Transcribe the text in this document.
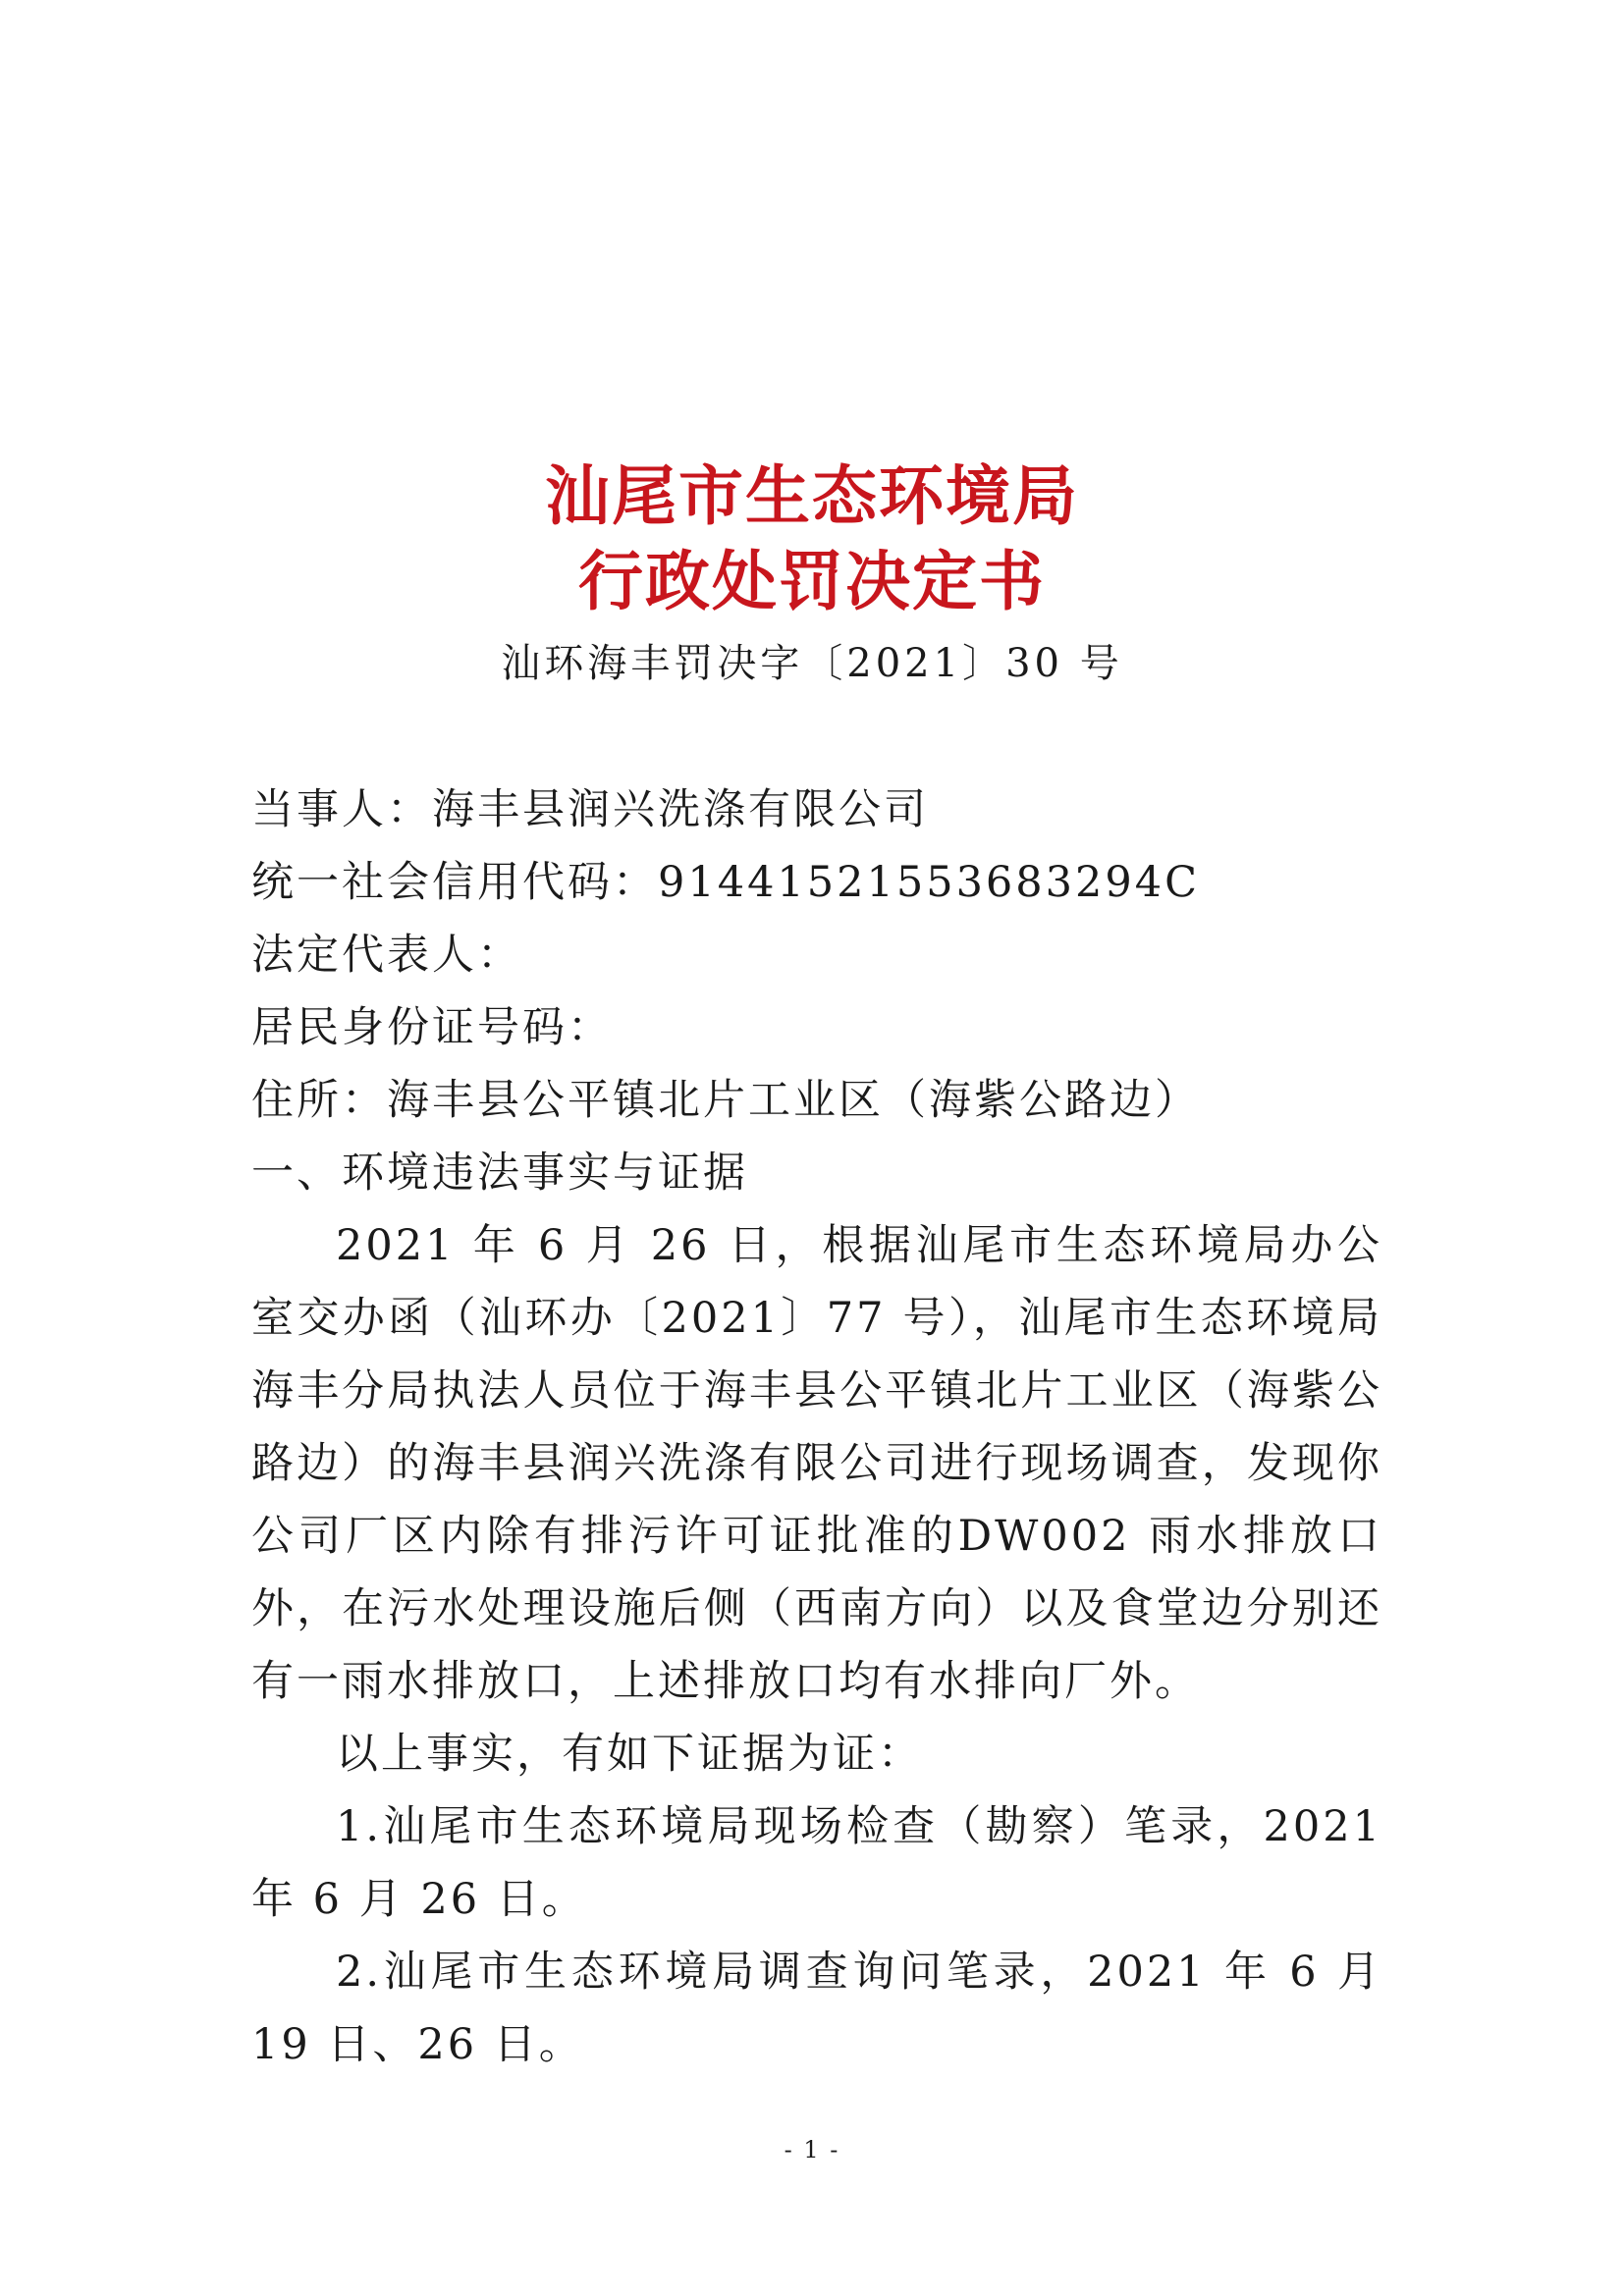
汕尾市生态环境局
行政处罚决定书
汕环海丰罚决字〔2021〕30 号
当事人：海丰县润兴洗涤有限公司
统一社会信用代码：91441521553683294C
法定代表人：
居民身份证号码：
住所：海丰县公平镇北片工业区（海紫公路边）
一、环境违法事实与证据
2021 年 6 月 26 日，根据汕尾市生态环境局办公室交办函（汕环办〔2021〕77 号），汕尾市生态环境局海丰分局执法人员位于海丰县公平镇北片工业区（海紫公路边）的海丰县润兴洗涤有限公司进行现场调查，发现你公司厂区内除有排污许可证批准的DW002 雨水排放口外，在污水处理设施后侧（西南方向）以及食堂边分别还有一雨水排放口，上述排放口均有水排向厂外。
以上事实，有如下证据为证：
1.汕尾市生态环境局现场检查（勘察）笔录，2021 年 6 月 26 日。
2.汕尾市生态环境局调查询问笔录，2021 年 6 月 19 日、26 日。
- 1 -
